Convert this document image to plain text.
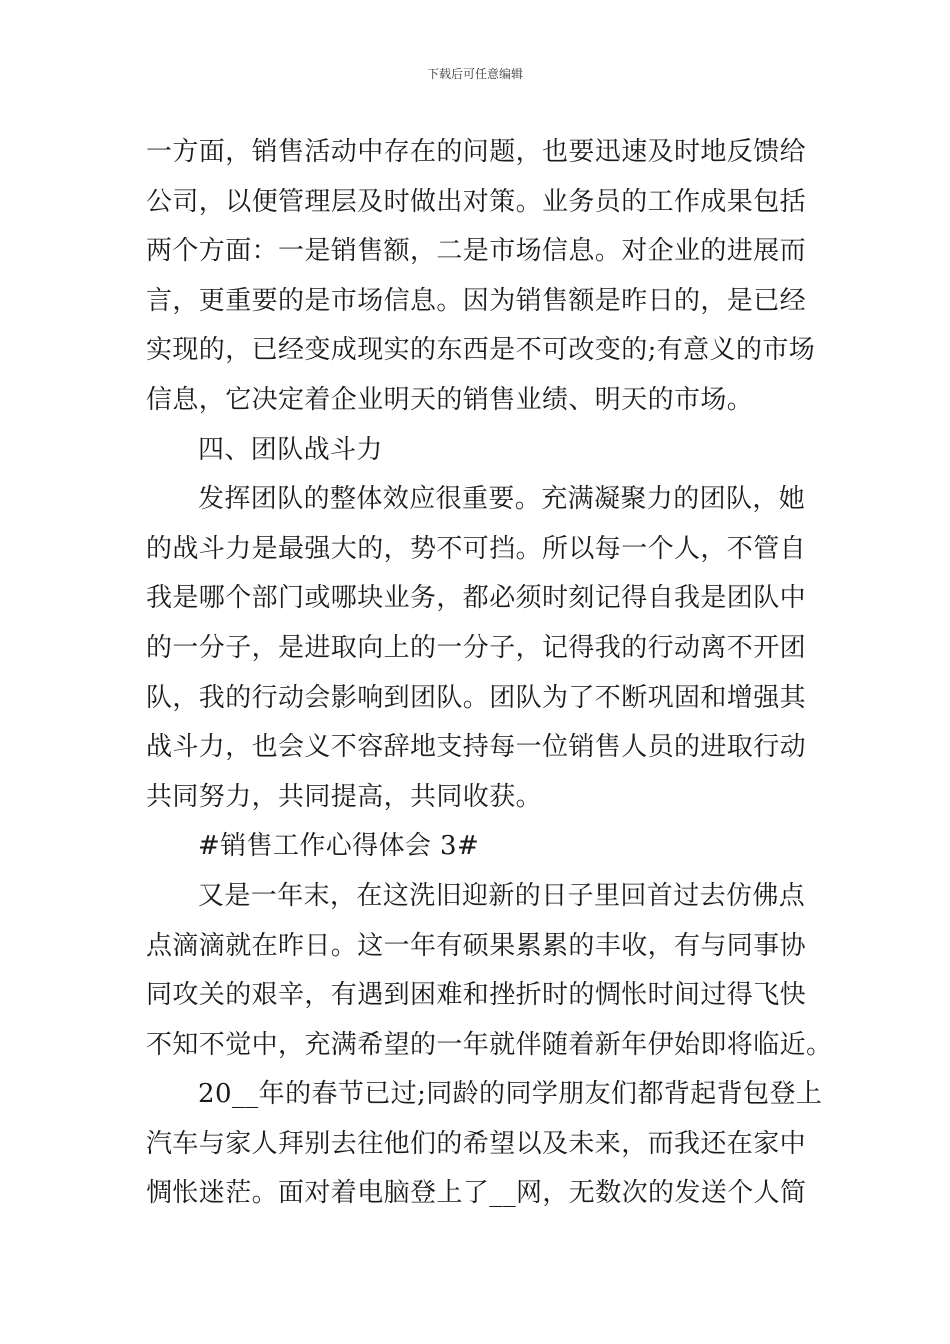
下载后可任意编辑
一方面，销售活动中存在的问题，也要迅速及时地反馈给
公司，以便管理层及时做出对策。业务员的工作成果包括
两个方面：一是销售额，二是市场信息。对企业的进展而
言，更重要的是市场信息。因为销售额是昨日的，是已经
实现的，已经变成现实的东西是不可改变的;有意义的市场
信息，它决定着企业明天的销售业绩、明天的市场。
四、团队战斗力
发挥团队的整体效应很重要。充满凝聚力的团队，她
的战斗力是最强大的，势不可挡。所以每一个人，不管自
我是哪个部门或哪块业务，都必须时刻记得自我是团队中
的一分子，是进取向上的一分子，记得我的行动离不开团
队，我的行动会影响到团队。团队为了不断巩固和增强其
战斗力，也会义不容辞地支持每一位销售人员的进取行动
共同努力，共同提高，共同收获。
#销售工作心得体会 3#
又是一年末，在这洗旧迎新的日子里回首过去仿佛点
点滴滴就在昨日。这一年有硕果累累的丰收，有与同事协
同攻关的艰辛，有遇到困难和挫折时的惆怅时间过得飞快
不知不觉中，充满希望的一年就伴随着新年伊始即将临近。
20__年的春节已过;同龄的同学朋友们都背起背包登上
汽车与家人拜别去往他们的希望以及未来，而我还在家中
惆怅迷茫。面对着电脑登上了__网，无数次的发送个人简
